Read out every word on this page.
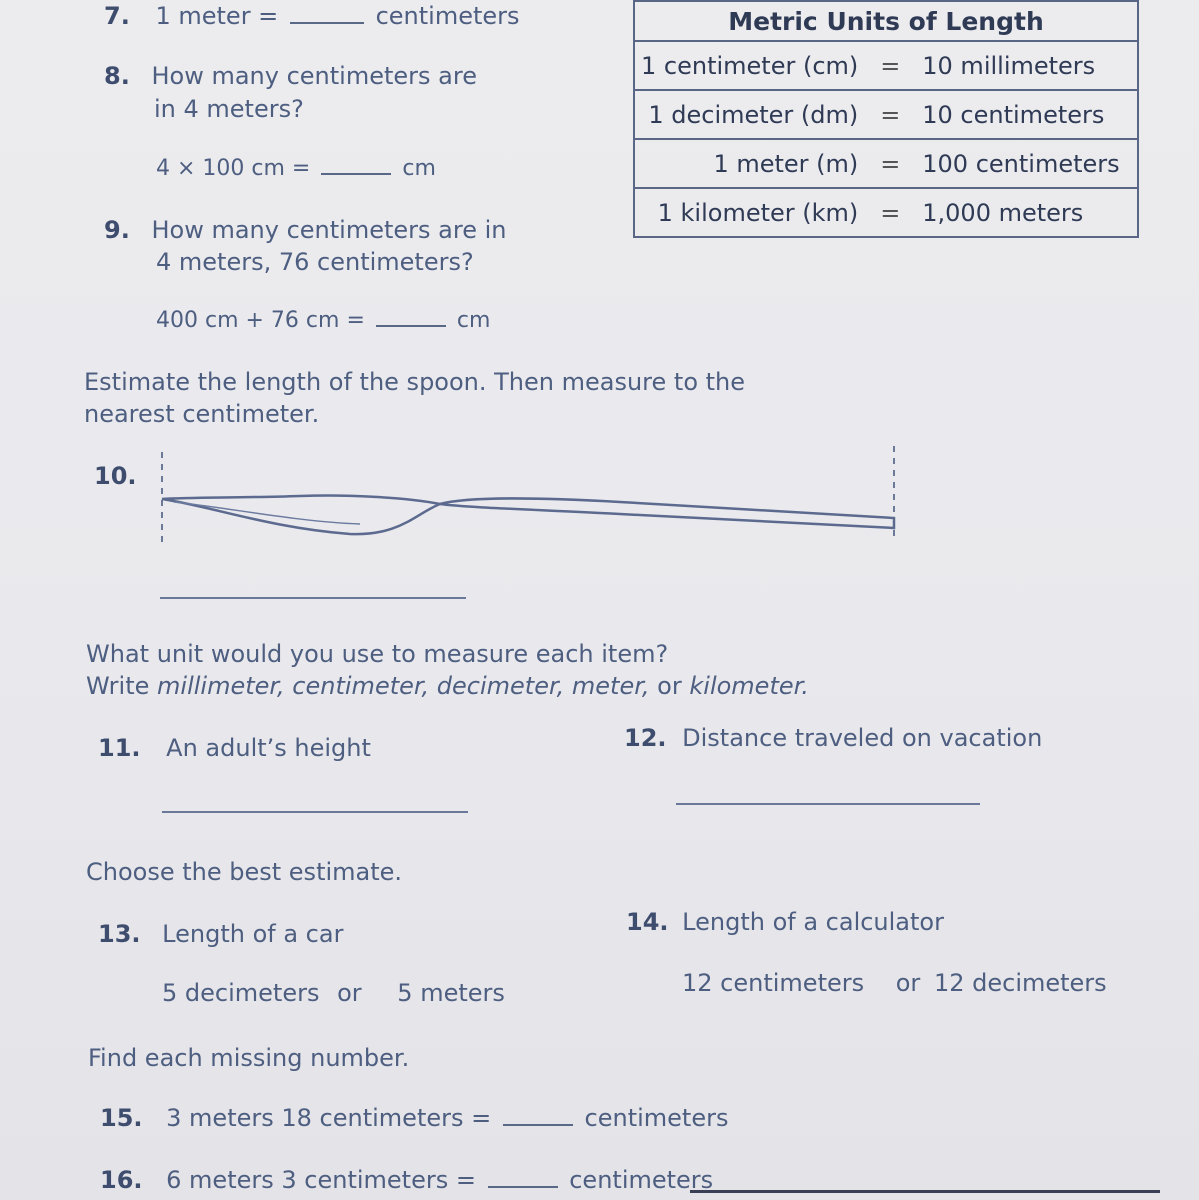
7. 1 meter =	centimeters
8. How many centimeters are
in 4 meters?
4 × 100 cm =	cm
9. How many centimeters are in
4 meters, 76 centimeters?
400 cm + 76 cm =	cm
Metric Units of Length		
1 centimeter (cm)	=	10 millimeters
1 decimeter (dm)	=	10 centimeters
1 meter (m)	=	100 centimeters
1 kilometer (km)	=	1,000 meters
Estimate the length of the spoon. Then measure to the
nearest centimeter.
10.
What unit would you use to measure each item?
Write millimeter, centimeter, decimeter, meter, or kilometer.
11. An adult’s height	12. Distance traveled on vacation
Choose the best estimate.
13. Length of a car
5 decimeters or 5 meters
14. Length of a calculator
12 centimeters or 12 decimeters
Find each missing number.
15. 3 meters 18 centimeters =	centimeters
16. 6 meters 3 centimeters =	centimeters
